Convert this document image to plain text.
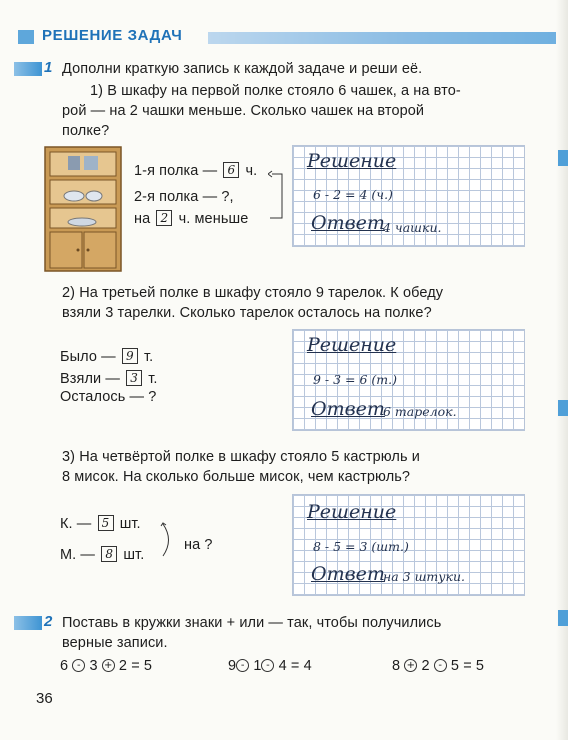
РЕШЕНИЕ ЗАДАЧ
1 Дополни краткую запись к каждой задаче и реши её.
1) В шкафу на первой полке стояло 6 чашек, а на вто-
рой — на 2 чашки меньше. Сколько чашек на второй
полке?
1-я полка — 6 ч.
2-я полка — ?,
на 2 ч. меньше
Решение
6 - 2 = 4 (ч.)
Ответ
4 чашки.
2) На третьей полке в шкафу стояло 9 тарелок. К обеду
взяли 3 тарелки. Сколько тарелок осталось на полке?
Было — 9 т.
Взяли — 3 т.
Осталось — ?
Решение
9 - 3 = 6 (т.)
Ответ
6 тарелок.
3) На четвёртой полке в шкафу стояло 5 кастрюль и
8 мисок. На сколько больше мисок, чем кастрюль?
К. — 5 шт.
М. — 8 шт.
на ?
Решение
8 - 5 = 3 (шт.)
Ответ
на 3 штуки.
2 Поставь в кружки знаки + или — так, чтобы получились
верные записи.
6 - 3 + 2 = 5	9 - 1 - 4 = 4	8 + 2 - 5 = 5
36
